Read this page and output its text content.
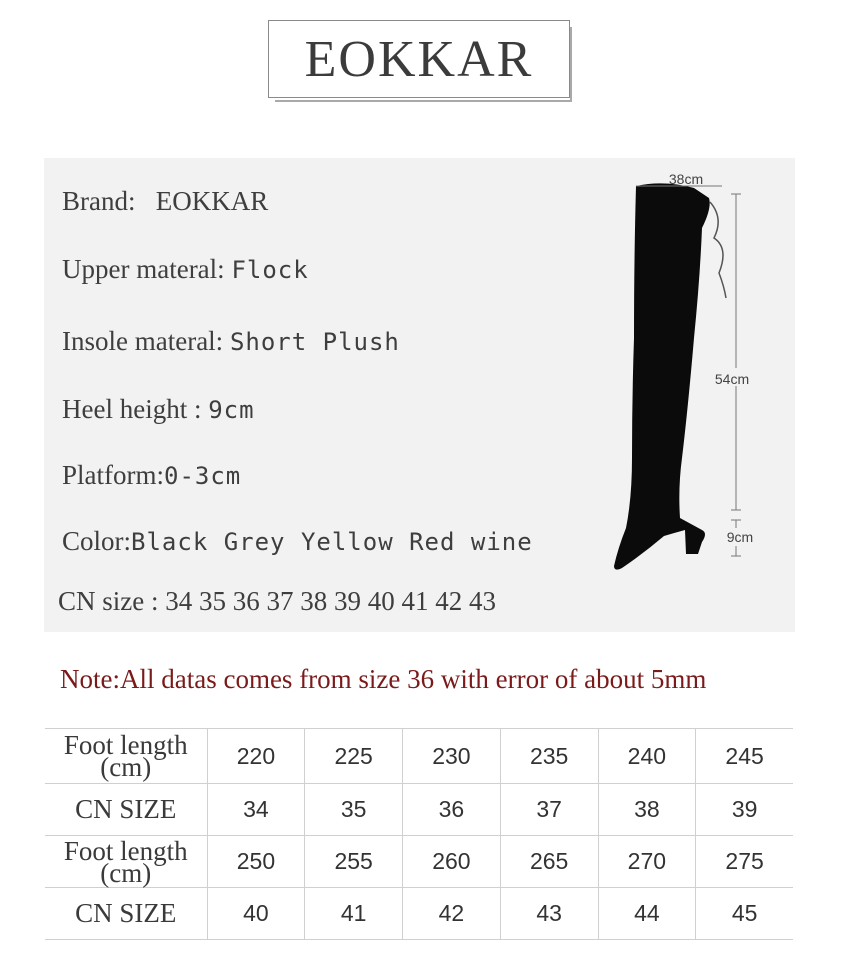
EOKKAR
Brand: EOKKAR
Upper materal: Flock
Insole materal: Short Plush
Heel height : 9cm
Platform:0-3cm
Color:Black Grey Yellow Red wine
CN size : 34 35 36 37 38 39 40 41 42 43
38cm
54cm
9cm
Note:All datas comes from size 36 with error of about 5mm
Foot length
(cm)	220	225	230	235	240	245
CN SIZE	34	35	36	37	38	39
Foot length
(cm)	250	255	260	265	270	275
CN SIZE	40	41	42	43	44	45
